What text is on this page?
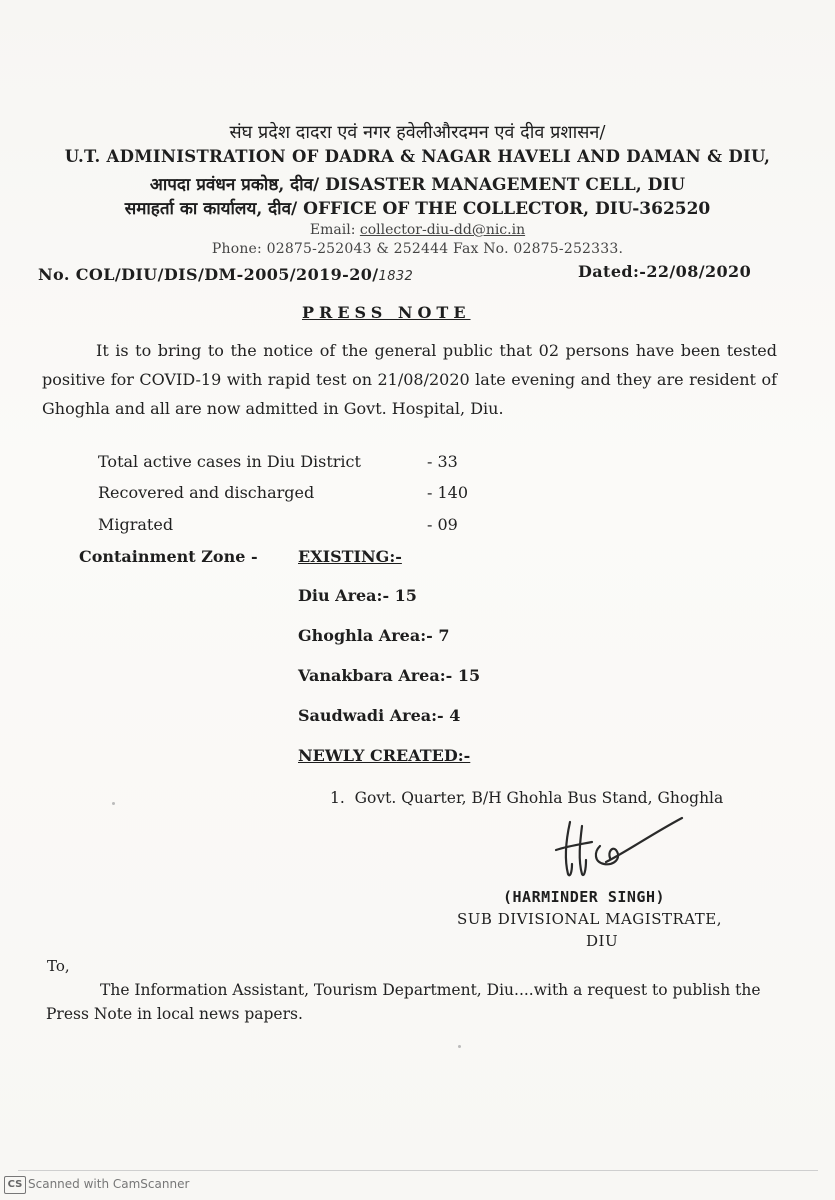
संघ प्रदेश दादरा एवं नगर हवेलीऔरदमन एवं दीव प्रशासन/
U.T. ADMINISTRATION OF DADRA & NAGAR HAVELI AND DAMAN & DIU,
आपदा प्रवंधन प्रकोष्ठ, दीव/ DISASTER MANAGEMENT CELL, DIU
समाहर्ता का कार्यालय, दीव/ OFFICE OF THE COLLECTOR, DIU-362520
Email: collector-diu-dd@nic.in
Phone: 02875-252043 & 252444 Fax No. 02875-252333.
No. COL/DIU/DIS/DM-2005/2019-20/1832	Dated:-22/08/2020
PRESS NOTE
It is to bring to the notice of the general public that 02 persons have been tested positive for COVID-19 with rapid test on 21/08/2020 late evening and they are resident of Ghoghla and all are now admitted in Govt. Hospital, Diu.
Total active cases in Diu District	- 33
Recovered and discharged	- 140
Migrated	- 09
Containment Zone -	EXISTING:-
Diu Area:- 15
Ghoghla Area:- 7
Vanakbara Area:- 15
Saudwadi Area:- 4
NEWLY CREATED:-
1.  Govt. Quarter, B/H Ghohla Bus Stand, Ghoghla
(HARMINDER SINGH)
SUB DIVISIONAL MAGISTRATE,
DIU
To,
The Information Assistant, Tourism Department, Diu....with a request to publish the Press Note in local news papers.
CS Scanned with CamScanner
